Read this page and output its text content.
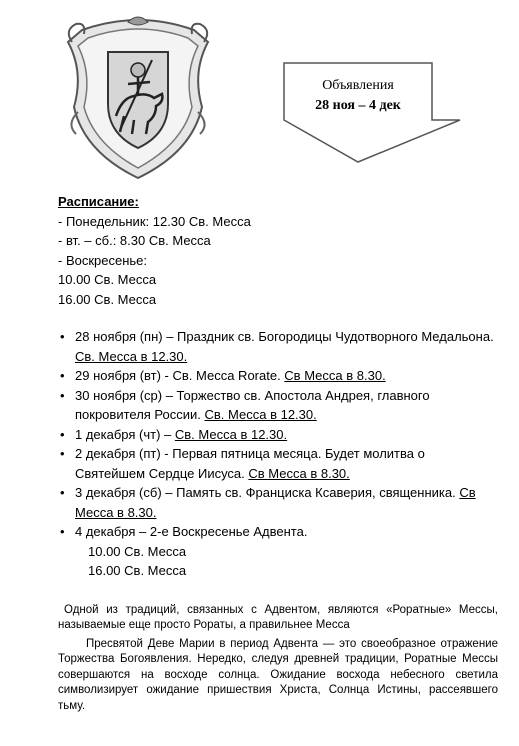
Объявления
28 ноя – 4 дек
Расписание:
- Понедельник: 12.30 Св. Месса
- вт. – сб.: 8.30 Св. Месса
- Воскресенье:
10.00 Св. Месса
16.00 Св. Месса
• 28 ноября (пн) – Праздник св. Богородицы Чудотворного Медальона. Св. Месса в 12.30.
• 29 ноября (вт) - Св. Месса Rorate. Св Месса в 8.30.
• 30 ноября (ср) – Торжество св. Апостола Андрея, главного покровителя России. Св. Месса в 12.30.
• 1 декабря (чт) – Св. Месса в 12.30.
• 2 декабря (пт) - Первая пятница месяца. Будет молитва о Святейшем Сердце Иисуса. Св Месса в 8.30.
• 3 декабря (сб) – Память св. Франциска Ксаверия, священника. Св Месса в 8.30.
• 4 декабря – 2-е Воскресенье Адвента.
10.00 Св. Месса
16.00 Св. Месса
Одной из традиций, связанных с Адвентом, являются «Роратные» Мессы, называемые еще просто Рораты, а правильнее Месса
Пресвятой Деве Марии в период Адвента — это своеобразное отражение Торжества Богоявления. Нередко, следуя древней традиции, Роратные Мессы совершаются на восходе солнца. Ожидание восхода небесного светила символизирует ожидание пришествия Христа, Солнца Истины, рассеявшего тьму.
